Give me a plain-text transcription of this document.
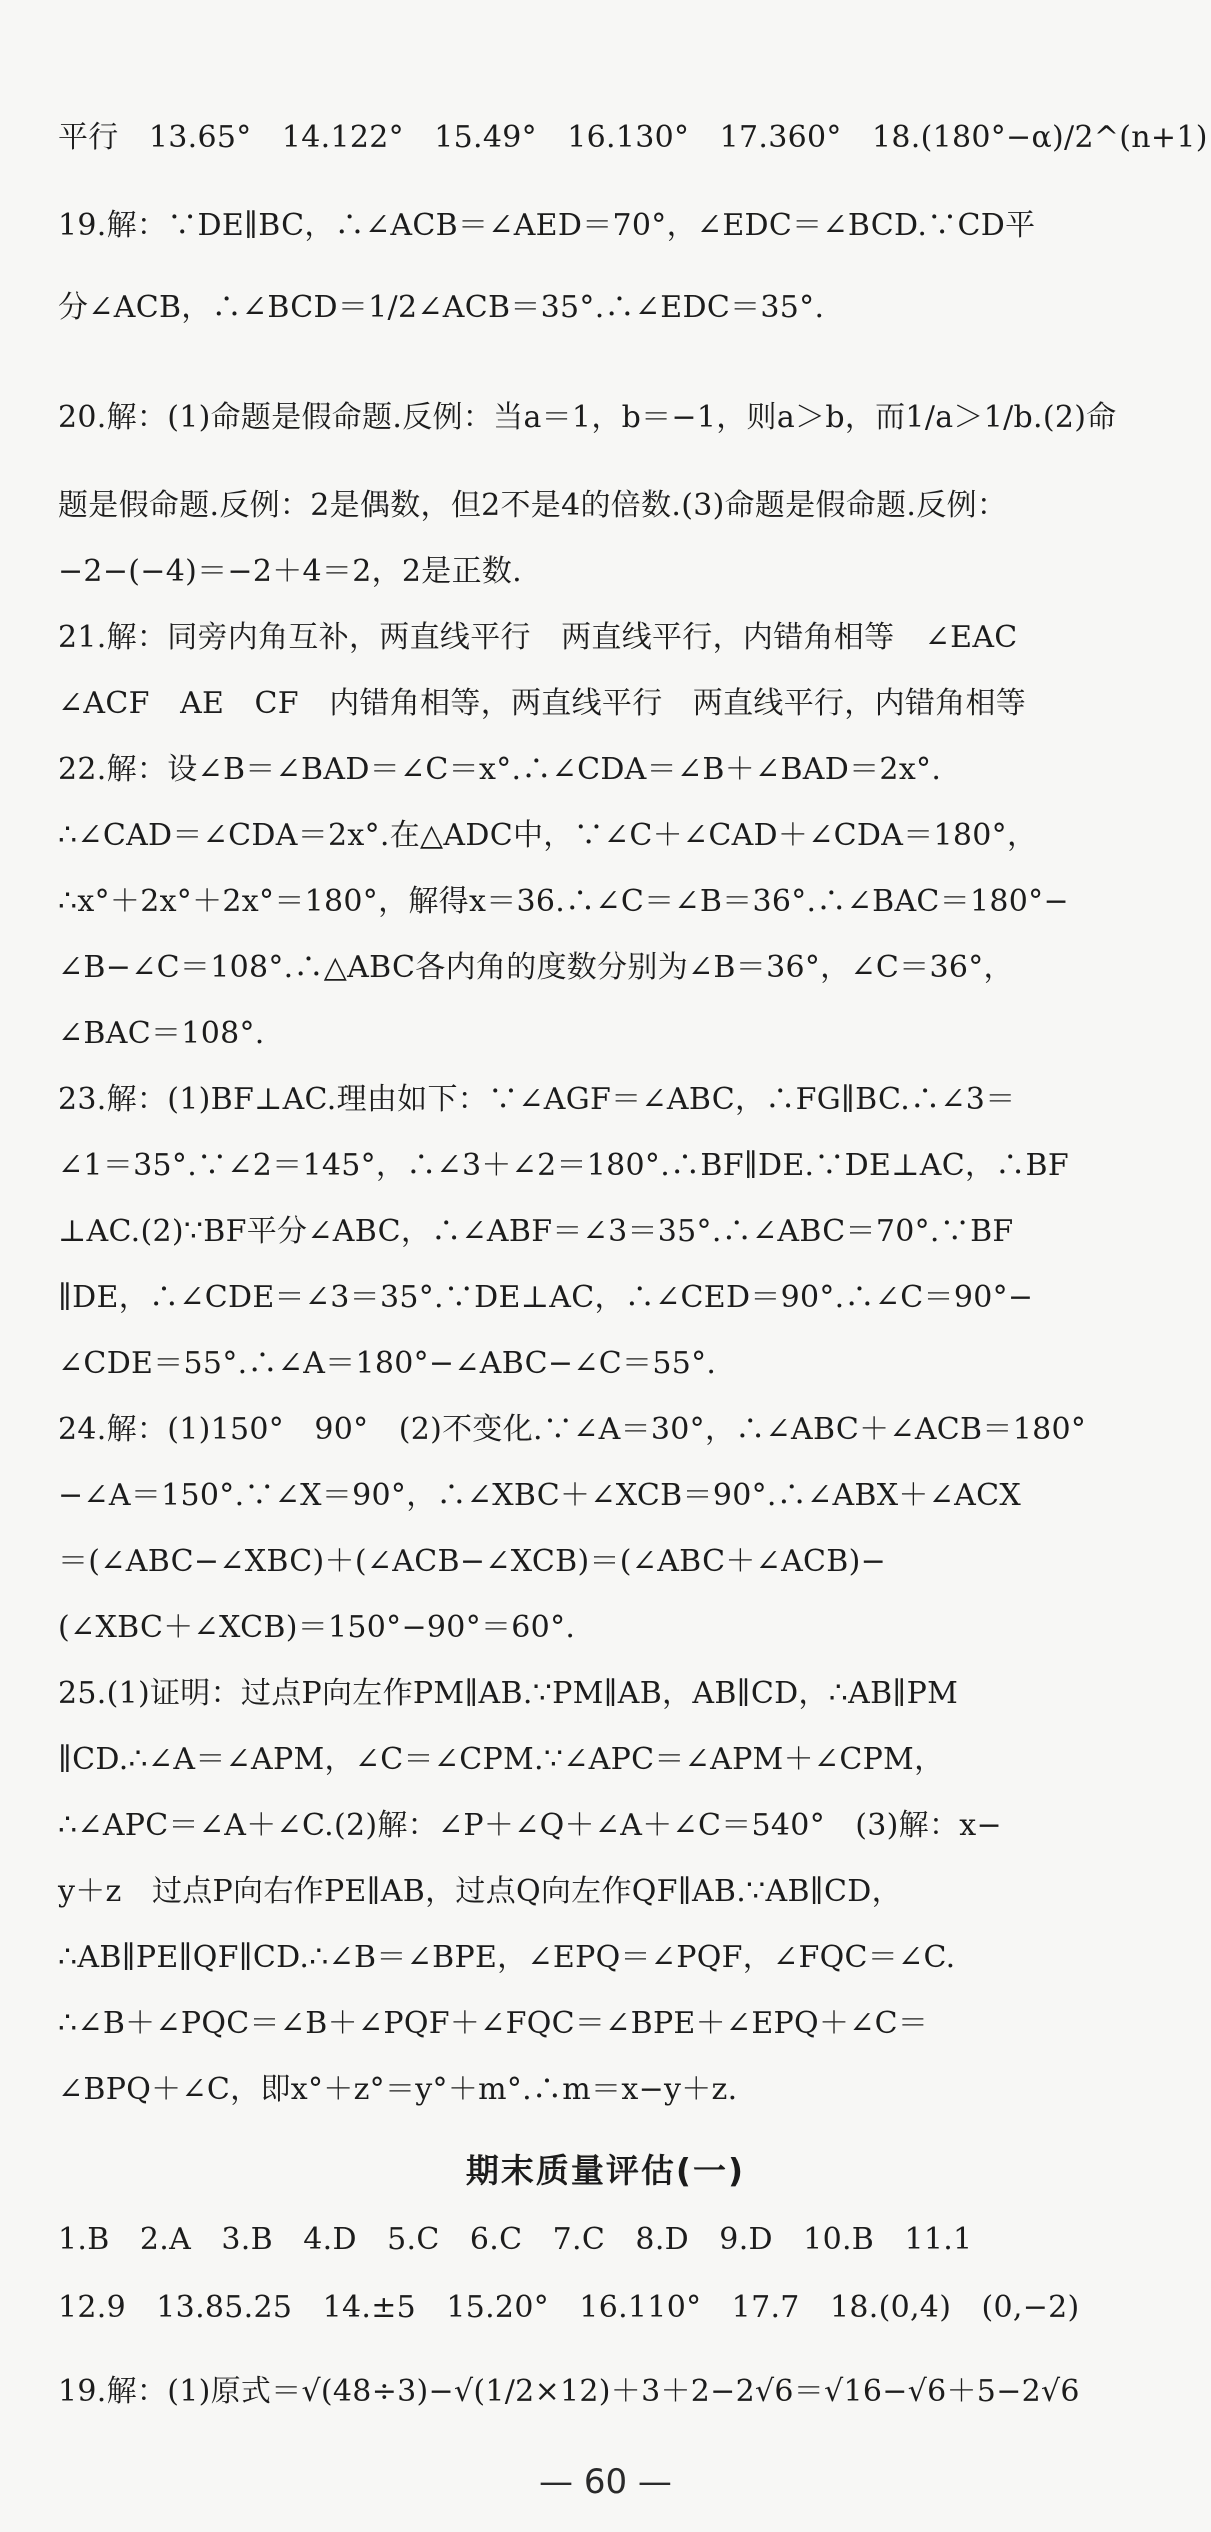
平行　13.65°　14.122°　15.49°　16.130°　17.360°　18.(180°−α)/2^(n+1)
19.解：∵DE∥BC，∴∠ACB＝∠AED＝70°，∠EDC＝∠BCD.∵CD平
分∠ACB，∴∠BCD＝1/2∠ACB＝35°.∴∠EDC＝35°.
20.解：(1)命题是假命题.反例：当a＝1，b＝−1，则a＞b，而1/a＞1/b.(2)命
题是假命题.反例：2是偶数，但2不是4的倍数.(3)命题是假命题.反例：
−2−(−4)＝−2＋4＝2，2是正数.
21.解：同旁内角互补，两直线平行　两直线平行，内错角相等　∠EAC
∠ACF　AE　CF　内错角相等，两直线平行　两直线平行，内错角相等
22.解：设∠B＝∠BAD＝∠C＝x°.∴∠CDA＝∠B＋∠BAD＝2x°.
∴∠CAD＝∠CDA＝2x°.在△ADC中，∵∠C＋∠CAD＋∠CDA＝180°，
∴x°＋2x°＋2x°＝180°，解得x＝36.∴∠C＝∠B＝36°.∴∠BAC＝180°−
∠B−∠C＝108°.∴△ABC各内角的度数分别为∠B＝36°，∠C＝36°，
∠BAC＝108°.
23.解：(1)BF⊥AC.理由如下：∵∠AGF＝∠ABC，∴FG∥BC.∴∠3＝
∠1＝35°.∵∠2＝145°，∴∠3＋∠2＝180°.∴BF∥DE.∵DE⊥AC，∴BF
⊥AC.(2)∵BF平分∠ABC，∴∠ABF＝∠3＝35°.∴∠ABC＝70°.∵BF
∥DE，∴∠CDE＝∠3＝35°.∵DE⊥AC，∴∠CED＝90°.∴∠C＝90°−
∠CDE＝55°.∴∠A＝180°−∠ABC−∠C＝55°.
24.解：(1)150°　90°　(2)不变化.∵∠A＝30°，∴∠ABC＋∠ACB＝180°
−∠A＝150°.∵∠X＝90°，∴∠XBC＋∠XCB＝90°.∴∠ABX＋∠ACX
＝(∠ABC−∠XBC)＋(∠ACB−∠XCB)＝(∠ABC＋∠ACB)−
(∠XBC＋∠XCB)＝150°−90°＝60°.
25.(1)证明：过点P向左作PM∥AB.∵PM∥AB，AB∥CD，∴AB∥PM
∥CD.∴∠A＝∠APM，∠C＝∠CPM.∵∠APC＝∠APM＋∠CPM，
∴∠APC＝∠A＋∠C.(2)解：∠P＋∠Q＋∠A＋∠C＝540°　(3)解：x−
y＋z　过点P向右作PE∥AB，过点Q向左作QF∥AB.∵AB∥CD，
∴AB∥PE∥QF∥CD.∴∠B＝∠BPE，∠EPQ＝∠PQF，∠FQC＝∠C.
∴∠B＋∠PQC＝∠B＋∠PQF＋∠FQC＝∠BPE＋∠EPQ＋∠C＝
∠BPQ＋∠C，即x°＋z°＝y°＋m°.∴m＝x−y＋z.
期末质量评估(一)
1.B　2.A　3.B　4.D　5.C　6.C　7.C　8.D　9.D　10.B　11.1
12.9　13.85.25　14.±5　15.20°　16.110°　17.7　18.(0,4)　(0,−2)
19.解：(1)原式＝√(48÷3)−√(1/2×12)＋3＋2−2√6＝√16−√6＋5−2√6
— 60 —
